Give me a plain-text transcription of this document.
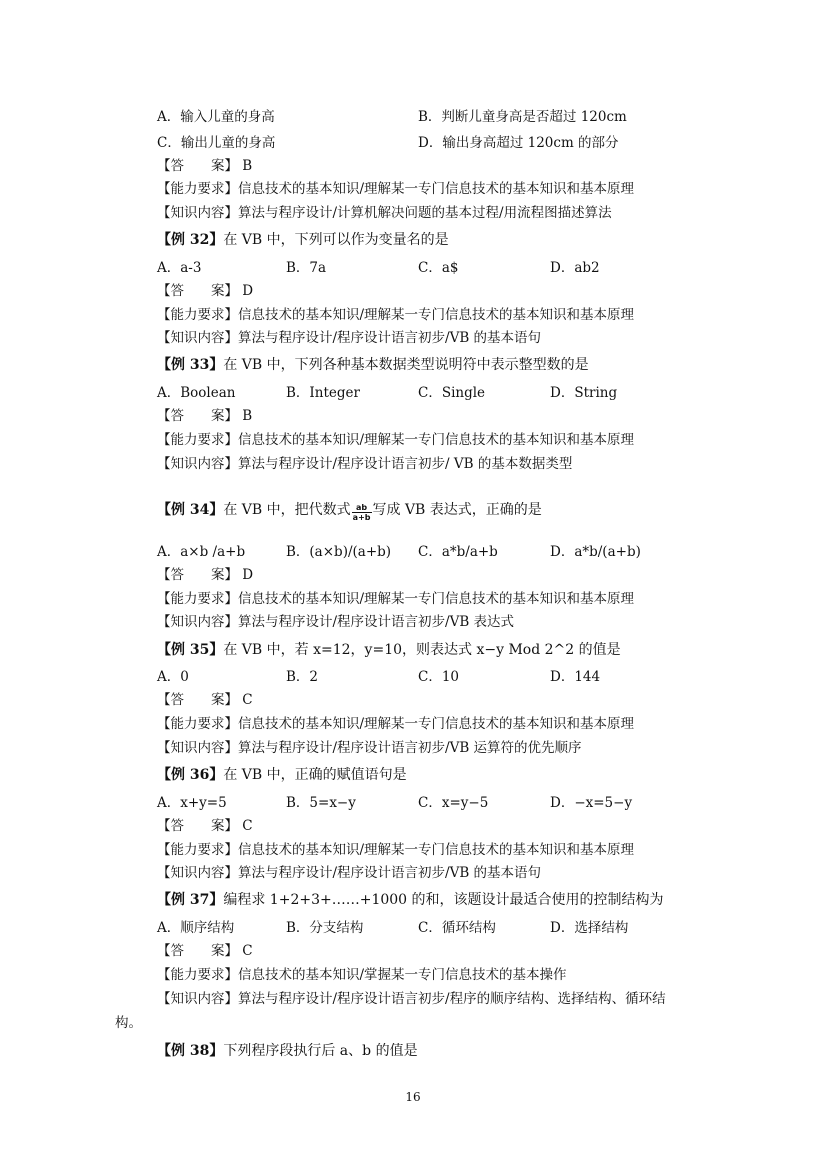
A．输入儿童的身高	B．判断儿童身高是否超过 120cm
C．输出儿童的身高	D．输出身高超过 120cm 的部分
【答　　案】 B
【能力要求】信息技术的基本知识/理解某一专门信息技术的基本知识和基本原理
【知识内容】算法与程序设计/计算机解决问题的基本过程/用流程图描述算法
【例 32】在 VB 中，下列可以作为变量名的是
A．a-3	B．7a	C．a$	D．ab2
【答　　案】 D
【能力要求】信息技术的基本知识/理解某一专门信息技术的基本知识和基本原理
【知识内容】算法与程序设计/程序设计语言初步/VB 的基本语句
【例 33】在 VB 中，下列各种基本数据类型说明符中表示整型数的是
A．Boolean	B．Integer	C．Single	D．String
【答　　案】 B
【能力要求】信息技术的基本知识/理解某一专门信息技术的基本知识和基本原理
【知识内容】算法与程序设计/程序设计语言初步/ VB 的基本数据类型
【例 34】在 VB 中，把代数式 $\frac{ab}{a+b}$ 写成 VB 表达式，正确的是
A．a×b /a+b	B．(a×b)/(a+b) C．a*b/a+b	D．a*b/(a+b)
【答　　案】 D
【能力要求】信息技术的基本知识/理解某一专门信息技术的基本知识和基本原理
【知识内容】算法与程序设计/程序设计语言初步/VB 表达式
【例 35】在 VB 中，若 x=12，y=10，则表达式 x−y Mod 2^2 的值是
A．0	B．2	C．10	D．144
【答　　案】 C
【能力要求】信息技术的基本知识/理解某一专门信息技术的基本知识和基本原理
【知识内容】算法与程序设计/程序设计语言初步/VB 运算符的优先顺序
【例 36】在 VB 中，正确的赋值语句是
A．x+y=5	B．5=x−y	C．x=y−5	D．−x=5−y
【答　　案】 C
【能力要求】信息技术的基本知识/理解某一专门信息技术的基本知识和基本原理
【知识内容】算法与程序设计/程序设计语言初步/VB 的基本语句
【例 37】编程求 1+2+3+……+1000 的和，该题设计最适合使用的控制结构为
A．顺序结构	B．分支结构	C．循环结构	D．选择结构
【答　　案】 C
【能力要求】信息技术的基本知识/掌握某一专门信息技术的基本操作
【知识内容】算法与程序设计/程序设计语言初步/程序的顺序结构、选择结构、循环结
构。
【例 38】下列程序段执行后 a、b 的值是
16
